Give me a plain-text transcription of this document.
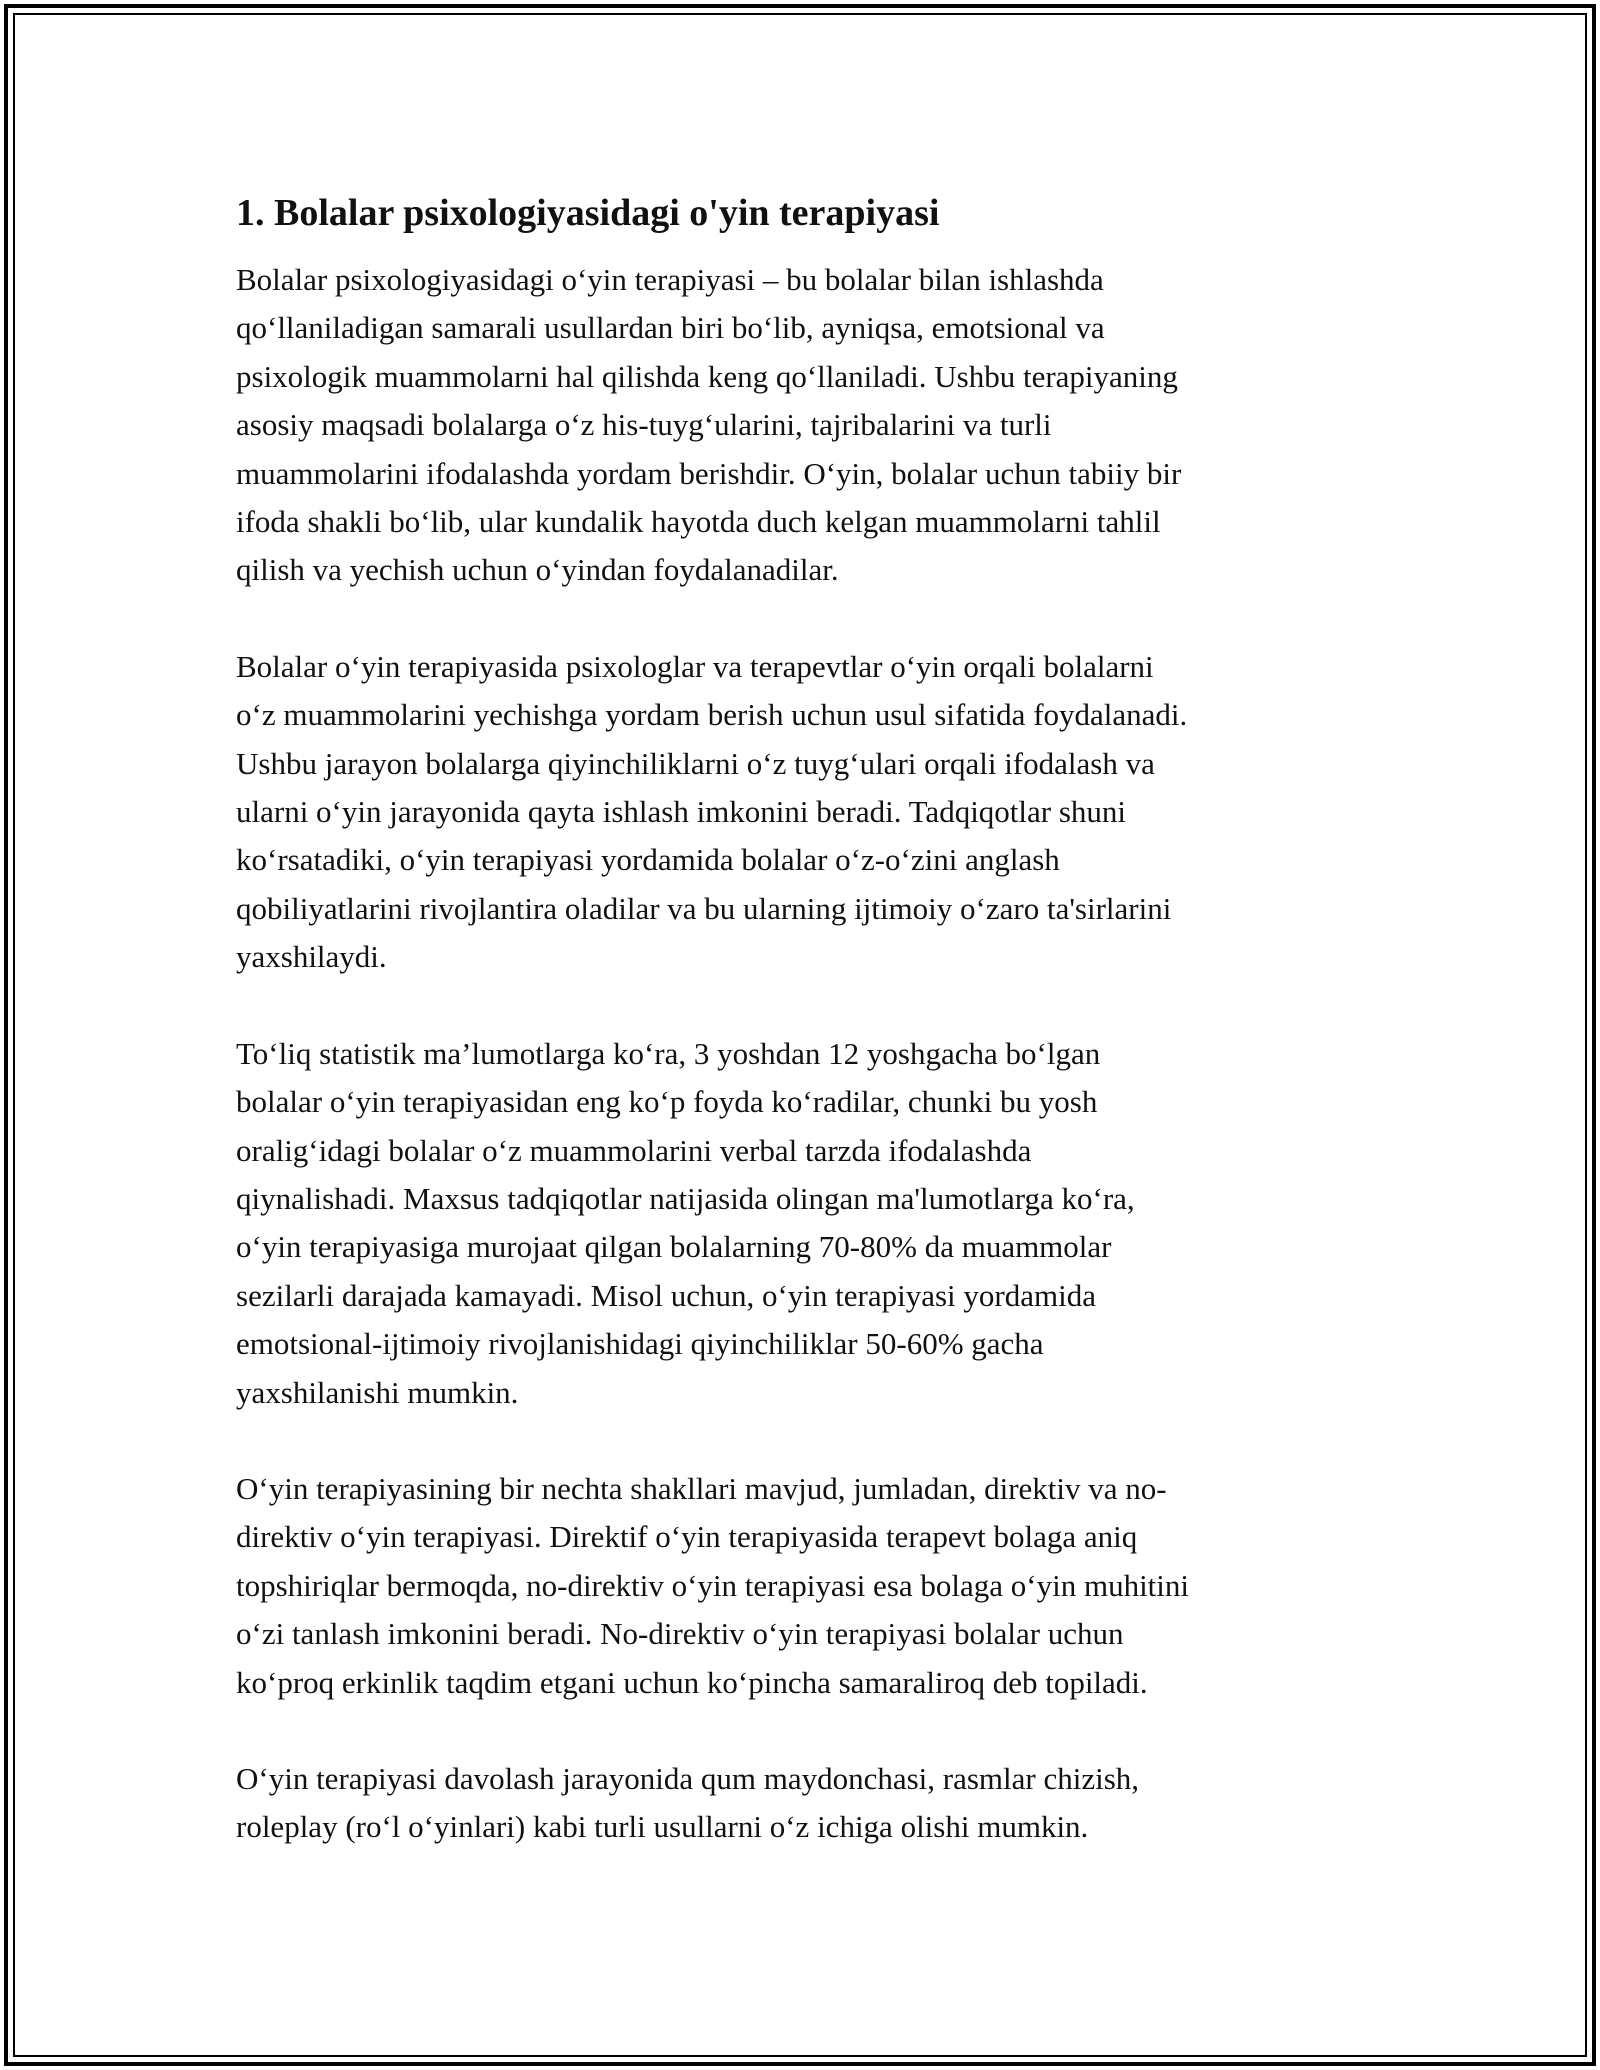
1. Bolalar psixologiyasidagi o'yin terapiyasi

Bolalar psixologiyasidagi o‘yin terapiyasi – bu bolalar bilan ishlashda
qo‘llaniladigan samarali usullardan biri bo‘lib, ayniqsa, emotsional va
psixologik muammolarni hal qilishda keng qo‘llaniladi. Ushbu terapiyaning
asosiy maqsadi bolalarga o‘z his-tuyg‘ularini, tajribalarini va turli
muammolarini ifodalashda yordam berishdir. O‘yin, bolalar uchun tabiiy bir
ifoda shakli bo‘lib, ular kundalik hayotda duch kelgan muammolarni tahlil
qilish va yechish uchun o‘yindan foydalanadilar.

Bolalar o‘yin terapiyasida psixologlar va terapevtlar o‘yin orqali bolalarni
o‘z muammolarini yechishga yordam berish uchun usul sifatida foydalanadi.
Ushbu jarayon bolalarga qiyinchiliklarni o‘z tuyg‘ulari orqali ifodalash va
ularni o‘yin jarayonida qayta ishlash imkonini beradi. Tadqiqotlar shuni
ko‘rsatadiki, o‘yin terapiyasi yordamida bolalar o‘z-o‘zini anglash
qobiliyatlarini rivojlantira oladilar va bu ularning ijtimoiy o‘zaro ta'sirlarini
yaxshilaydi.

To‘liq statistik ma’lumotlarga ko‘ra, 3 yoshdan 12 yoshgacha bo‘lgan
bolalar o‘yin terapiyasidan eng ko‘p foyda ko‘radilar, chunki bu yosh
oralig‘idagi bolalar o‘z muammolarini verbal tarzda ifodalashda
qiynalishadi. Maxsus tadqiqotlar natijasida olingan ma'lumotlarga ko‘ra,
o‘yin terapiyasiga murojaat qilgan bolalarning 70-80% da muammolar
sezilarli darajada kamayadi. Misol uchun, o‘yin terapiyasi yordamida
emotsional-ijtimoiy rivojlanishidagi qiyinchiliklar 50-60% gacha
yaxshilanishi mumkin.

O‘yin terapiyasining bir nechta shakllari mavjud, jumladan, direktiv va no-
direktiv o‘yin terapiyasi. Direktif o‘yin terapiyasida terapevt bolaga aniq
topshiriqlar bermoqda, no-direktiv o‘yin terapiyasi esa bolaga o‘yin muhitini
o‘zi tanlash imkonini beradi. No-direktiv o‘yin terapiyasi bolalar uchun
ko‘proq erkinlik taqdim etgani uchun ko‘pincha samaraliroq deb topiladi.

O‘yin terapiyasi davolash jarayonida qum maydonchasi, rasmlar chizish,
roleplay (ro‘l o‘yinlari) kabi turli usullarni o‘z ichiga olishi mumkin.
